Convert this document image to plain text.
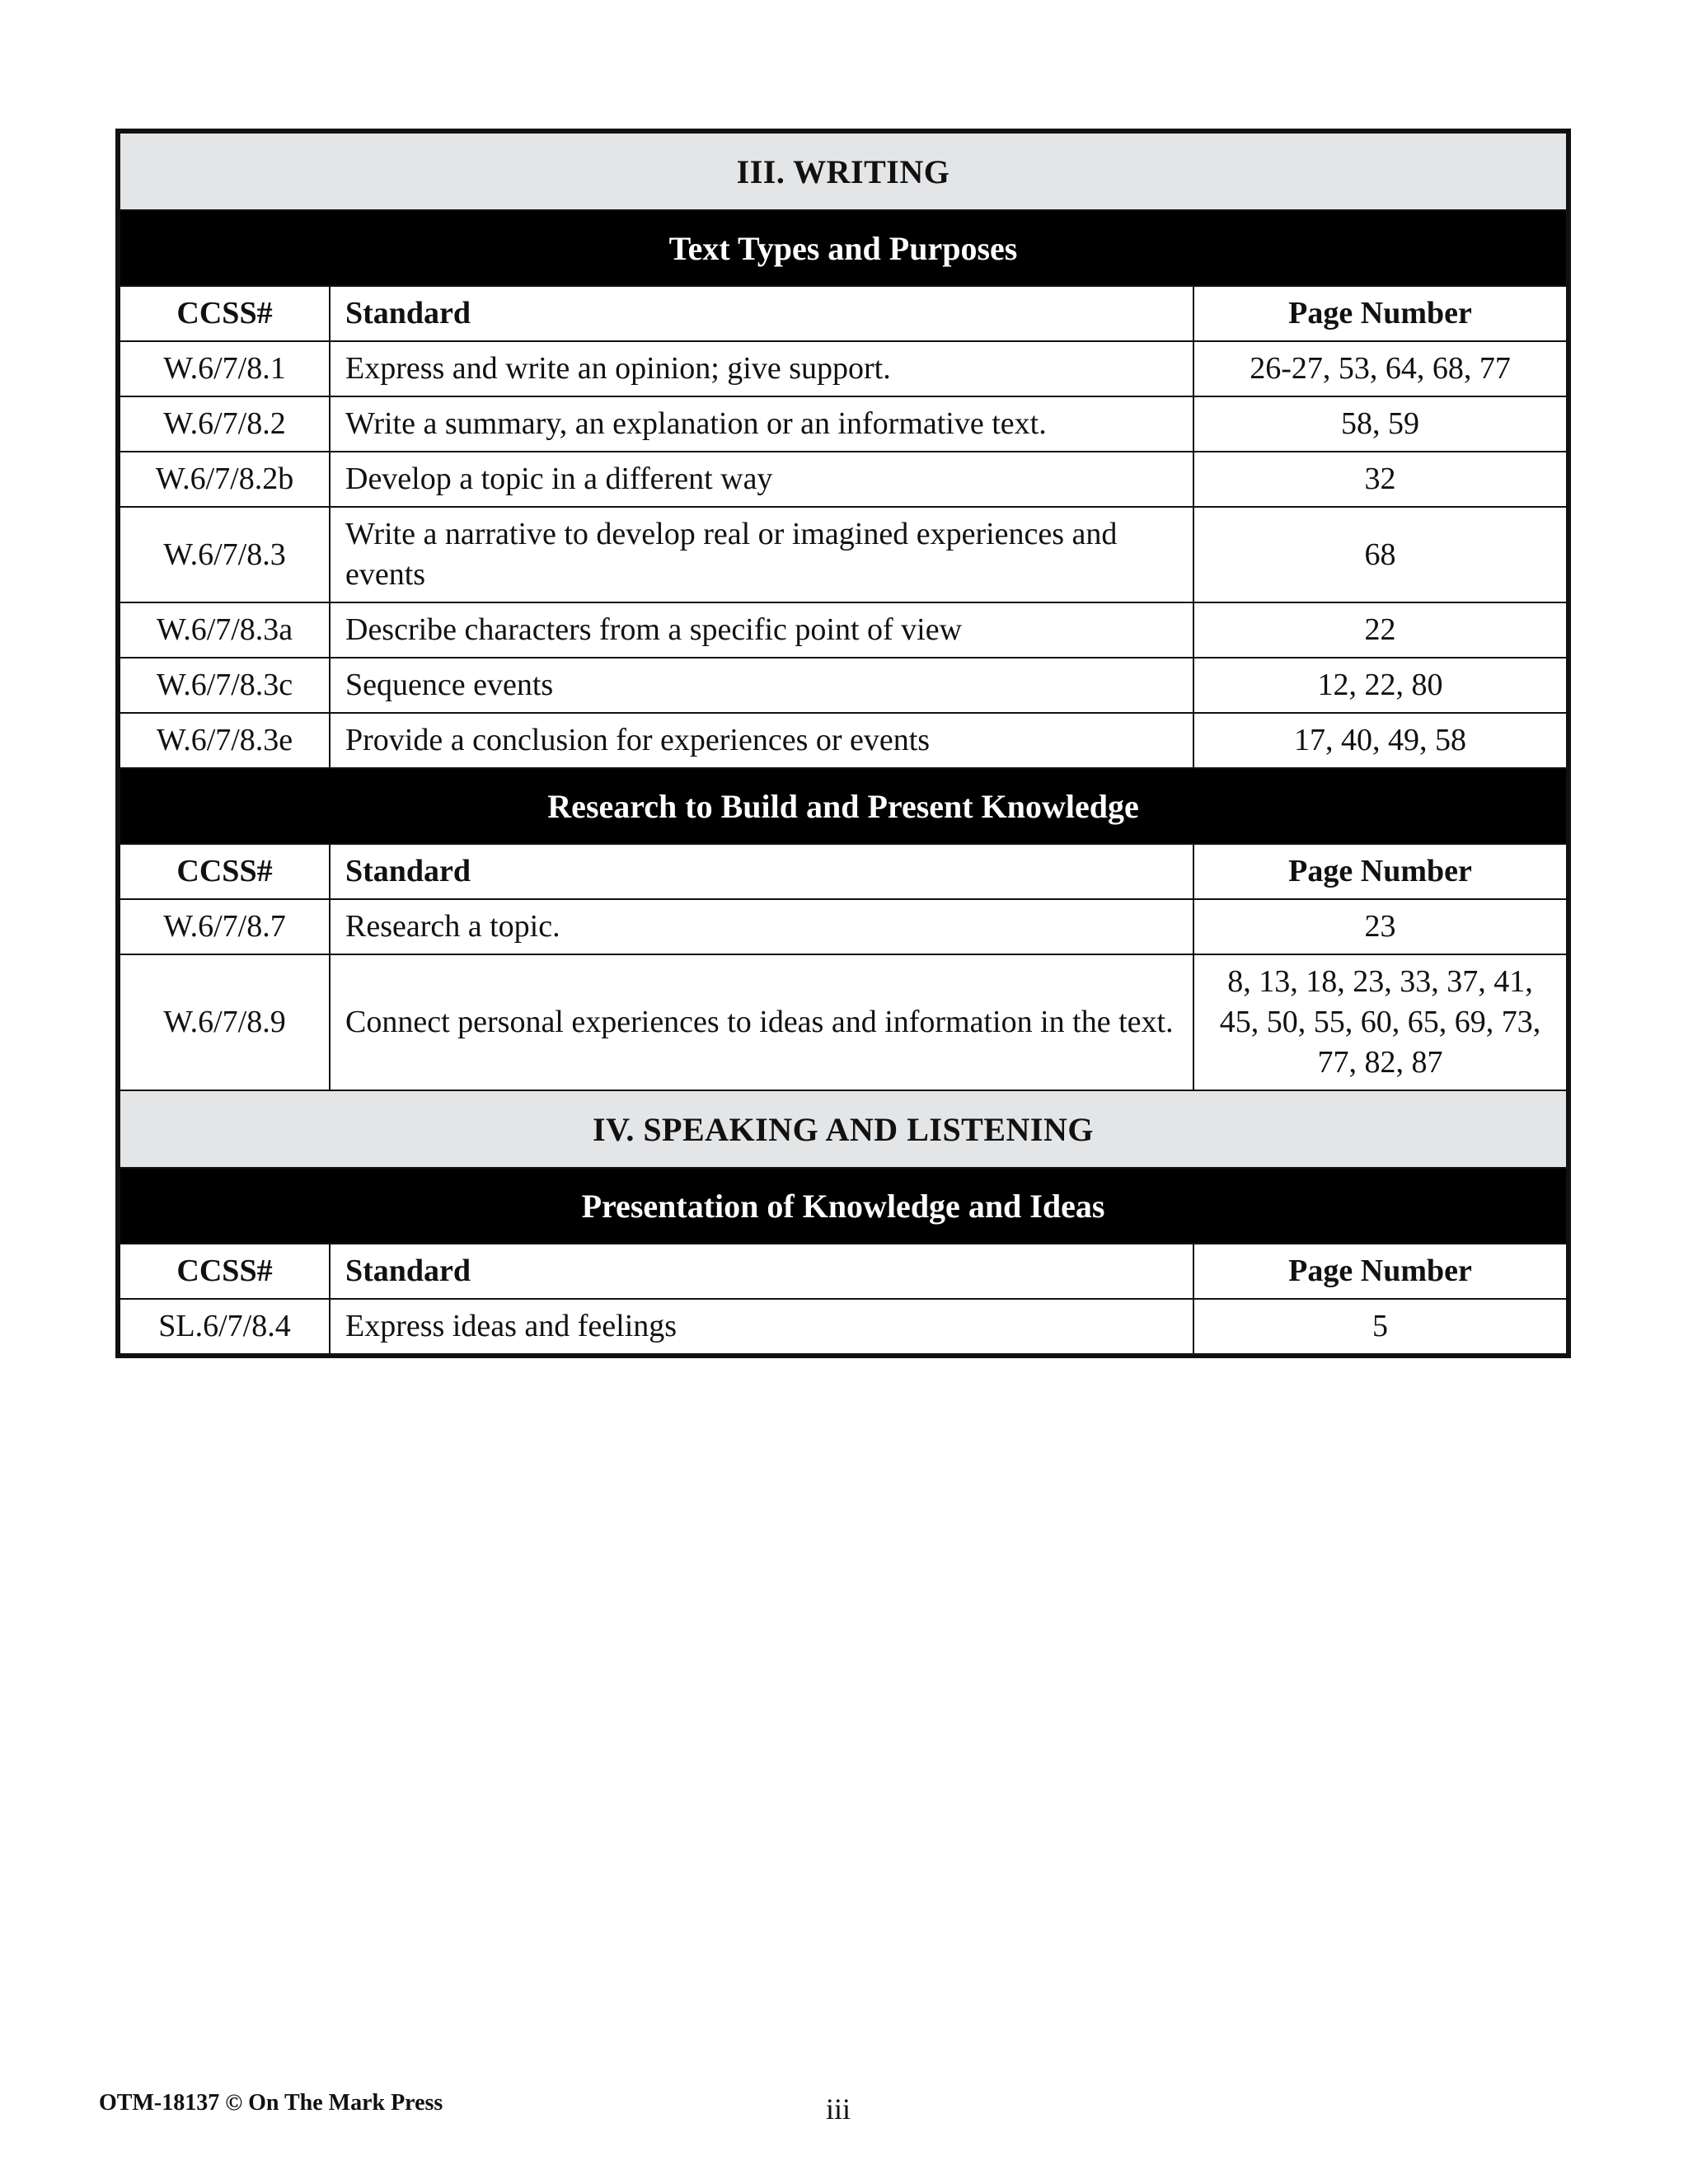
III. WRITING		
Text Types and Purposes		
CCSS#	Standard	Page Number
W.6/7/8.1	Express and write an opinion; give support.	26-27, 53, 64, 68, 77
W.6/7/8.2	Write a summary, an explanation or an informative text.	58, 59
W.6/7/8.2b	Develop a topic in a different way	32
W.6/7/8.3	Write a narrative to develop real or imagined experiences and events	68
W.6/7/8.3a	Describe characters from a specific point of view	22
W.6/7/8.3c	Sequence events	12, 22, 80
W.6/7/8.3e	Provide a conclusion for experiences or events	17, 40, 49, 58
Research to Build and Present Knowledge		
CCSS#	Standard	Page Number
W.6/7/8.7	Research a topic.	23
W.6/7/8.9	Connect personal experiences to ideas and information in the text.	8, 13, 18, 23, 33, 37, 41, 45, 50, 55, 60, 65, 69, 73, 77, 82, 87
IV. SPEAKING AND LISTENING		
Presentation of Knowledge and Ideas		
CCSS#	Standard	Page Number
SL.6/7/8.4	Express ideas and feelings	5
OTM-18137 © On The Mark Press	iii
